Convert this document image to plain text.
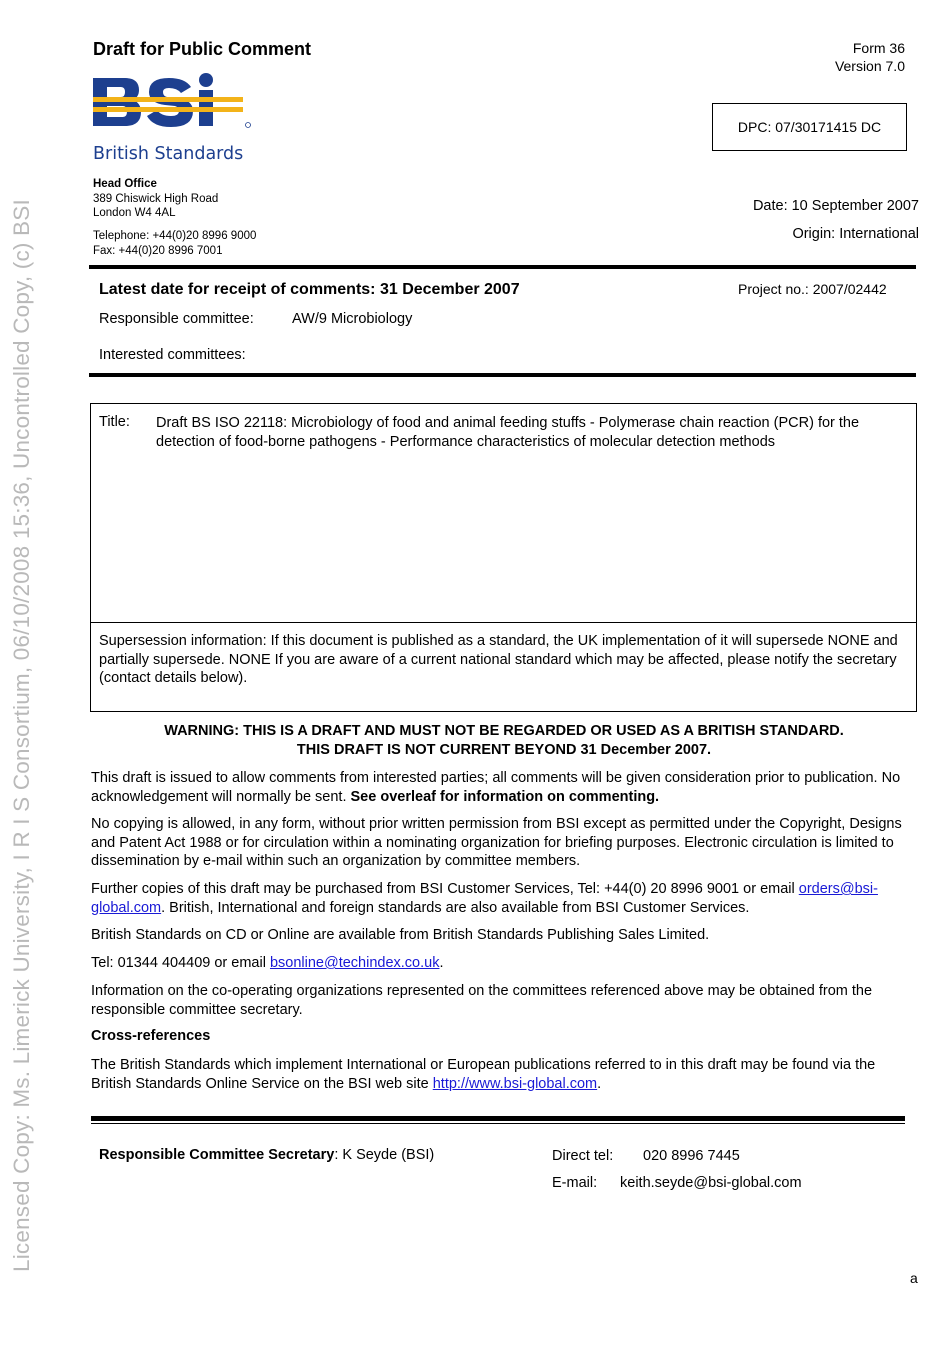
Licensed Copy: Ms. Limerick University, I R I S Consortium, 06/10/2008 15:36, Uncontrolled Copy, (c) BSI
Draft for Public Comment	Form 36
Version 7.0
British Standards
DPC: 07/30171415 DC
Head Office
389 Chiswick High Road
London W4 4AL
Telephone: +44(0)20 8996 9000
Fax: +44(0)20 8996 7001
Date: 10 September 2007
Origin: International
Latest date for receipt of comments: 31 December 2007	Project no.: 2007/02442
Responsible committee:	AW/9 Microbiology
Interested committees:
Title: Draft BS ISO 22118: Microbiology of food and animal feeding stuffs - Polymerase chain reaction (PCR) for the detection of food-borne pathogens - Performance characteristics of molecular detection methods
Supersession information: If this document is published as a standard, the UK implementation of it will supersede NONE and partially supersede. NONE If you are aware of a current national standard which may be affected, please notify the secretary (contact details below).
WARNING: THIS IS A DRAFT AND MUST NOT BE REGARDED OR USED AS A BRITISH STANDARD.
THIS DRAFT IS NOT CURRENT BEYOND 31 December 2007.
This draft is issued to allow comments from interested parties; all comments will be given consideration prior to publication. No acknowledgement will normally be sent. See overleaf for information on commenting.
No copying is allowed, in any form, without prior written permission from BSI except as permitted under the Copyright, Designs and Patent Act 1988 or for circulation within a nominating organization for briefing purposes. Electronic circulation is limited to dissemination by e-mail within such an organization by committee members.
Further copies of this draft may be purchased from BSI Customer Services, Tel: +44(0) 20 8996 9001 or email orders@bsi-global.com. British, International and foreign standards are also available from BSI Customer Services.
British Standards on CD or Online are available from British Standards Publishing Sales Limited.
Tel: 01344 404409 or email bsonline@techindex.co.uk.
Information on the co-operating organizations represented on the committees referenced above may be obtained from the responsible committee secretary.
Cross-references
The British Standards which implement International or European publications referred to in this draft may be found via the British Standards Online Service on the BSI web site http://www.bsi-global.com.
Responsible Committee Secretary: K Seyde (BSI)	Direct tel: 020 8996 7445
E-mail: keith.seyde@bsi-global.com
a
